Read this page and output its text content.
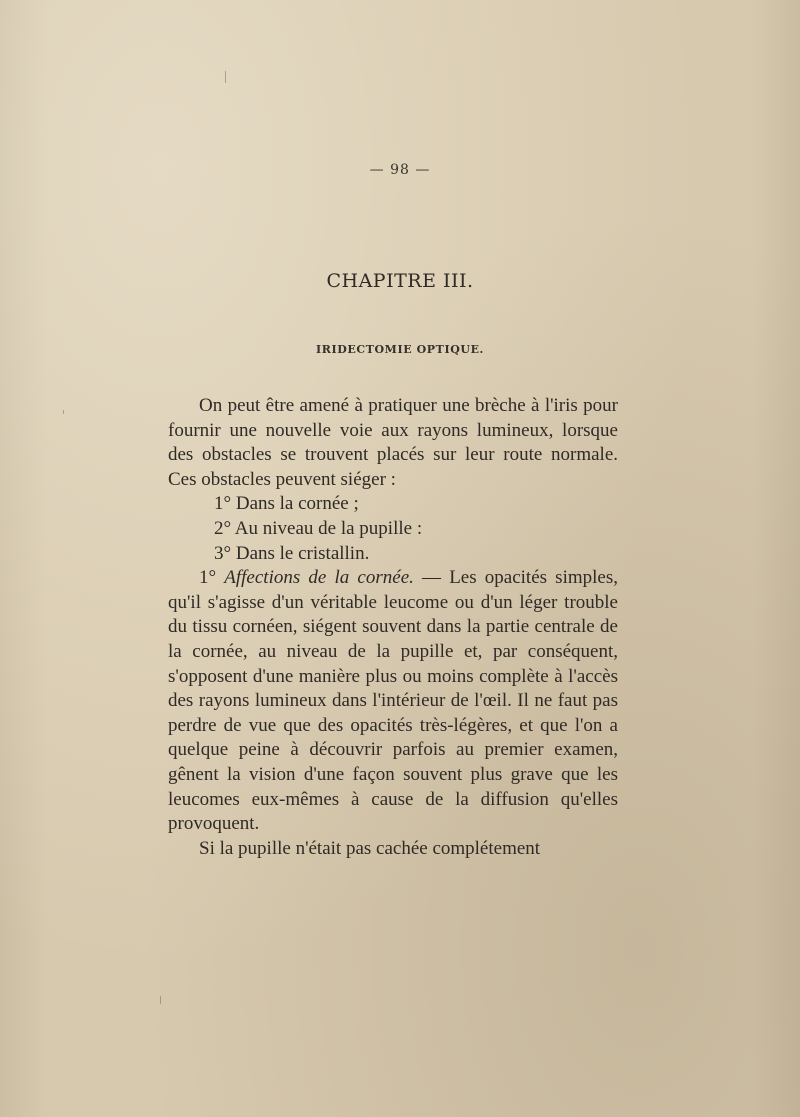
— 98 —
CHAPITRE III.
IRIDECTOMIE OPTIQUE.

On peut être amené à pratiquer une brèche à l'iris pour fournir une nouvelle voie aux rayons lumineux, lorsque des obstacles se trouvent placés sur leur route normale. Ces obstacles peuvent siéger :

1° Dans la cornée ;

2° Au niveau de la pupille :

3° Dans le cristallin.

1° Affections de la cornée. — Les opacités simples, qu'il s'agisse d'un véritable leucome ou d'un léger trouble du tissu cornéen, siégent souvent dans la partie centrale de la cornée, au niveau de la pupille et, par conséquent, s'opposent d'une manière plus ou moins complète à l'accès des rayons lumineux dans l'intérieur de l'œil. Il ne faut pas perdre de vue que des opacités très-légères, et que l'on a quelque peine à découvrir parfois au premier examen, gênent la vision d'une façon souvent plus grave que les leucomes eux-mêmes à cause de la diffusion qu'elles provoquent.

Si la pupille n'était pas cachée complétement
